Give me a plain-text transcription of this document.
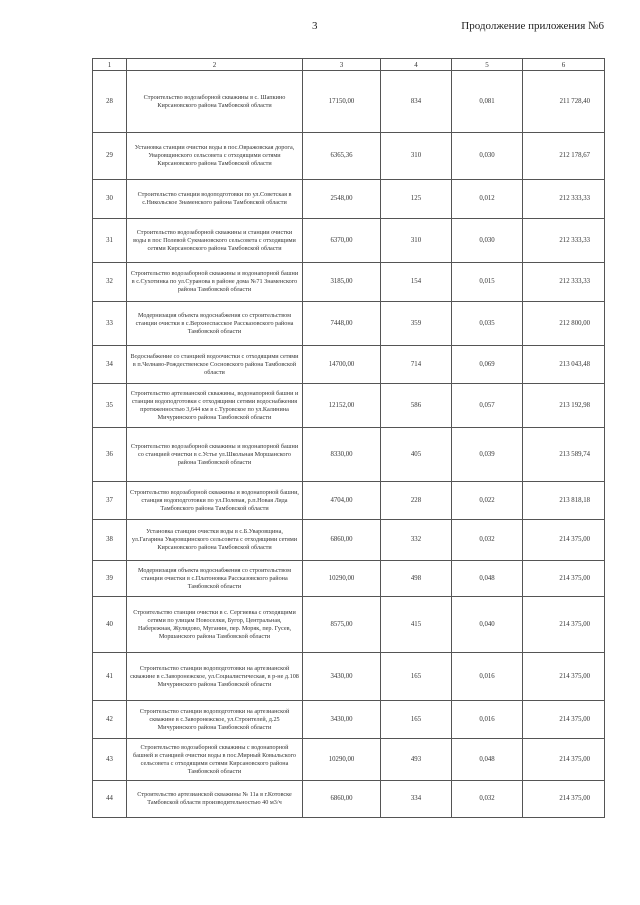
3	Продолжение приложения №6
1	2	3	4	5	6
28	Строительство водозаборной скважины в с. Шапкино Кирсановского района Тамбовской области	17150,00	834	0,081	211 728,40
29	Установка станции очистки воды в пос.Овражовская дорога, Уваровщинского сельсовета с отходящими сетями Кирсановского района Тамбовской области	6365,36	310	0,030	212 178,67
30	Строительство станции водоподготовки по ул.Советская в с.Никольское Знаменского района Тамбовской области	2548,00	125	0,012	212 333,33
31	Строительство водозаборной скважины и станции очистки воды в пос Полевой Сукмановского сельсовета с отходящими сетями Кирсановского района Тамбовской области	6370,00	310	0,030	212 333,33
32	Строительство водозаборной скважины и водонапорной башни в с.Сухотинка по ул.Суранова в районе дома №71 Знаменского района Тамбовской области	3185,00	154	0,015	212 333,33
33	Модернизация объекта водоснабжения со строительством станции очистки в с.Верхнеспасское Рассказовского района Тамбовской области	7448,00	359	0,035	212 800,00
34	Водоснабжение со станцией водоочистки с отходящими сетями в п.Челнаво-Рождественское Сосновского района Тамбовской области	14700,00	714	0,069	213 043,48
35	Строительство артезианской скважины, водонапорной башни и станции водоподготовки с отходящими сетями водоснабжения протяженностью 3,644 км в с.Туровское по ул.Калинина Мичуринского района Тамбовской области	12152,00	586	0,057	213 192,98
36	Строительство водозаборной скважины и водонапорной башни со станцией очистки в с.Устье ул.Школьная Моршанского района Тамбовской области	8330,00	405	0,039	213 589,74
37	Строительство водозаборной скважины и водонапорной башни, станция водоподготовки по ул.Полевая, р.п.Новая Ляда Тамбовского района Тамбовской области	4704,00	228	0,022	213 818,18
38	Установка станции очистки воды в с.Б.Уваровщина, ул.Гагарина Уваровщинского сельсовета с отходящими сетями Кирсановского района Тамбовской области	6860,00	332	0,032	214 375,00
39	Модернизация объекта водоснабжения со строительством станции очистки в с.Платоновка Рассказовского района Тамбовской области	10290,00	498	0,048	214 375,00
40	Строительство станции очистки в с. Сергиевка с отходящими сетями по улицам Новоселки, Бугор, Центральная, Набережная, Жулидово, Муганин, пер. Моряк, пер. Гусев, Моршанского района Тамбовской области	8575,00	415	0,040	214 375,00
41	Строительство станции водоподготовки на артезианской скважине в с.Заворонежское, ул.Социалистическая, в р-не д.108 Мичуринского района Тамбовской области	3430,00	165	0,016	214 375,00
42	Строительство станции водоподготовки на артезианской скважине в с.Заворонежское, ул.Строителей, д.25 Мичуринского района Тамбовской области	3430,00	165	0,016	214 375,00
43	Строительство водозаборной скважины с водонапорной башней и станцией очистки воды в пос.Мирный Ковыльского сельсовета с отходящими сетями Кирсановского района Тамбовской области	10290,00	493	0,048	214 375,00
44	Строительство артезианской скважины № 11а в г.Котовске Тамбовской области производительностью 40 м3/ч	6860,00	334	0,032	214 375,00
